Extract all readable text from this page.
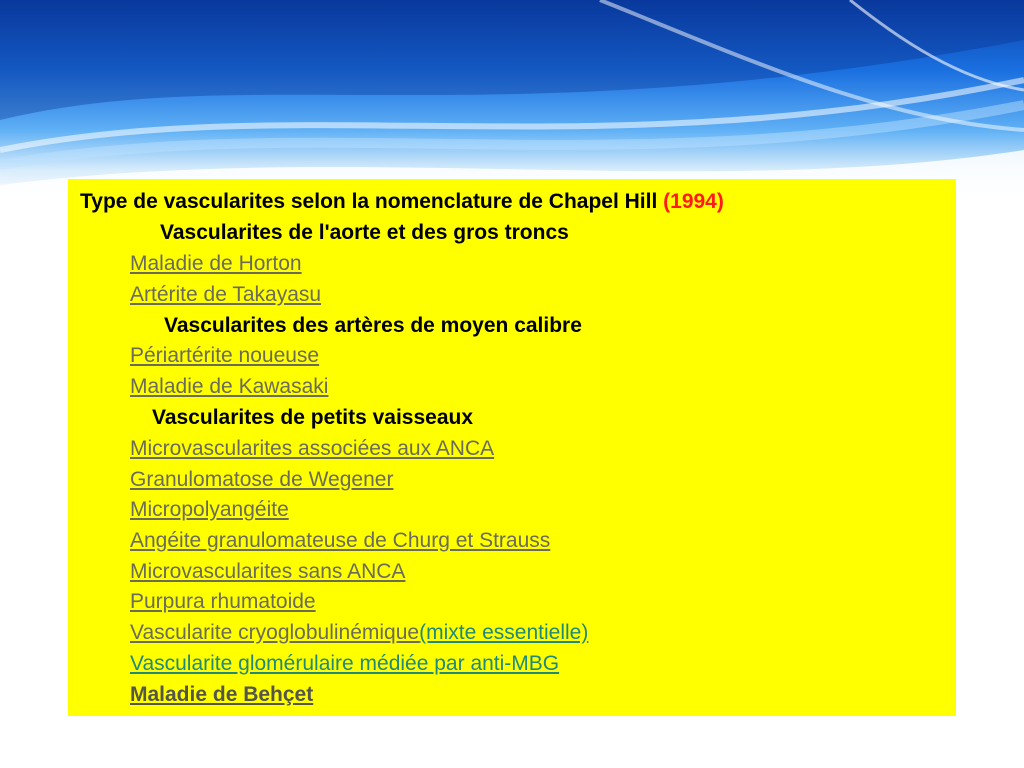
Type de vascularites selon la nomenclature de Chapel Hill (1994)
Vascularites de l'aorte et des gros troncs
Maladie de Horton
Artérite de Takayasu
Vascularites des artères de moyen calibre
Périartérite noueuse
Maladie de Kawasaki
Vascularites de petits vaisseaux
Microvascularites associées aux ANCA
Granulomatose de Wegener
Micropolyangéite
Angéite granulomateuse de Churg et Strauss
Microvascularites sans ANCA
Purpura rhumatoide
Vascularite cryoglobulinémique(mixte essentielle)
Vascularite glomérulaire médiée par anti-MBG
Maladie de Behçet
